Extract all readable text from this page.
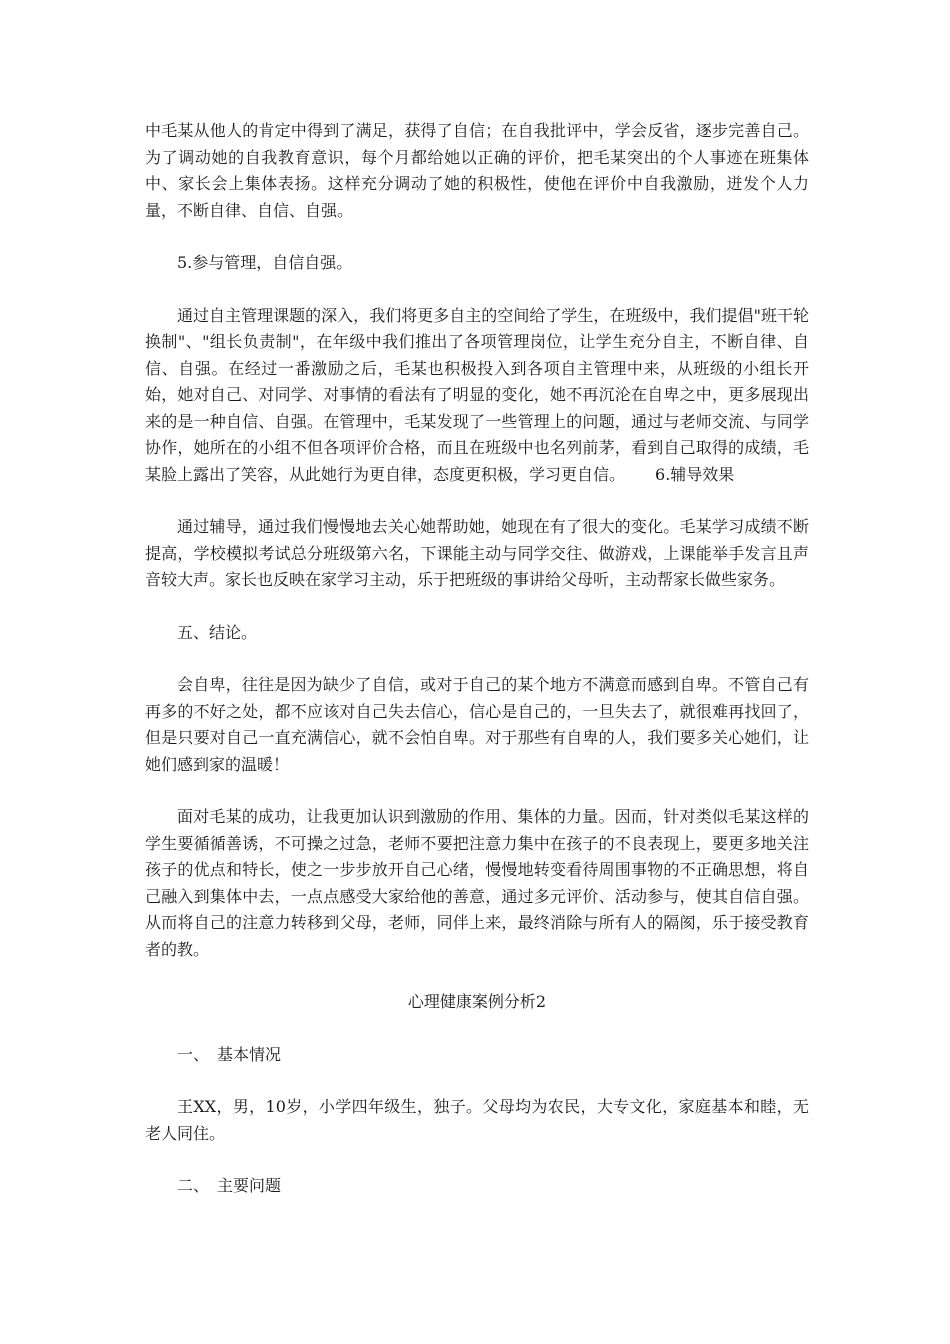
中毛某从他人的肯定中得到了满足，获得了自信；在自我批评中，学会反省，逐步完善自己。为了调动她的自我教育意识，每个月都给她以正确的评价，把毛某突出的个人事迹在班集体中、家长会上集体表扬。这样充分调动了她的积极性，使他在评价中自我激励，迸发个人力量，不断自律、自信、自强。

5.参与管理，自信自强。

通过自主管理课题的深入，我们将更多自主的空间给了学生，在班级中，我们提倡"班干轮换制"、"组长负责制"，在年级中我们推出了各项管理岗位，让学生充分自主，不断自律、自信、自强。在经过一番激励之后，毛某也积极投入到各项自主管理中来，从班级的小组长开始，她对自己、对同学、对事情的看法有了明显的变化，她不再沉沦在自卑之中，更多展现出来的是一种自信、自强。在管理中，毛某发现了一些管理上的问题，通过与老师交流、与同学协作，她所在的小组不但各项评价合格，而且在班级中也名列前茅，看到自己取得的成绩，毛某脸上露出了笑容，从此她行为更自律，态度更积极，学习更自信。 6.辅导效果

通过辅导，通过我们慢慢地去关心她帮助她，她现在有了很大的变化。毛某学习成绩不断提高，学校模拟考试总分班级第六名，下课能主动与同学交往、做游戏，上课能举手发言且声音较大声。家长也反映在家学习主动，乐于把班级的事讲给父母听，主动帮家长做些家务。

五、结论。

会自卑，往往是因为缺少了自信，或对于自己的某个地方不满意而感到自卑。不管自己有再多的不好之处，都不应该对自己失去信心，信心是自己的，一旦失去了，就很难再找回了，但是只要对自己一直充满信心，就不会怕自卑。对于那些有自卑的人，我们要多关心她们，让她们感到家的温暖！

面对毛某的成功，让我更加认识到激励的作用、集体的力量。因而，针对类似毛某这样的学生要循循善诱，不可操之过急，老师不要把注意力集中在孩子的不良表现上，要更多地关注孩子的优点和特长，使之一步步放开自己心绪，慢慢地转变看待周围事物的不正确思想，将自己融入到集体中去，一点点感受大家给他的善意，通过多元评价、活动参与，使其自信自强。从而将自己的注意力转移到父母，老师，同伴上来，最终消除与所有人的隔阂，乐于接受教育者的教。

心理健康案例分析2

一、　基本情况

王XX，男，10岁，小学四年级生，独子。父母均为农民，大专文化，家庭基本和睦，无老人同住。

二、　主要问题
